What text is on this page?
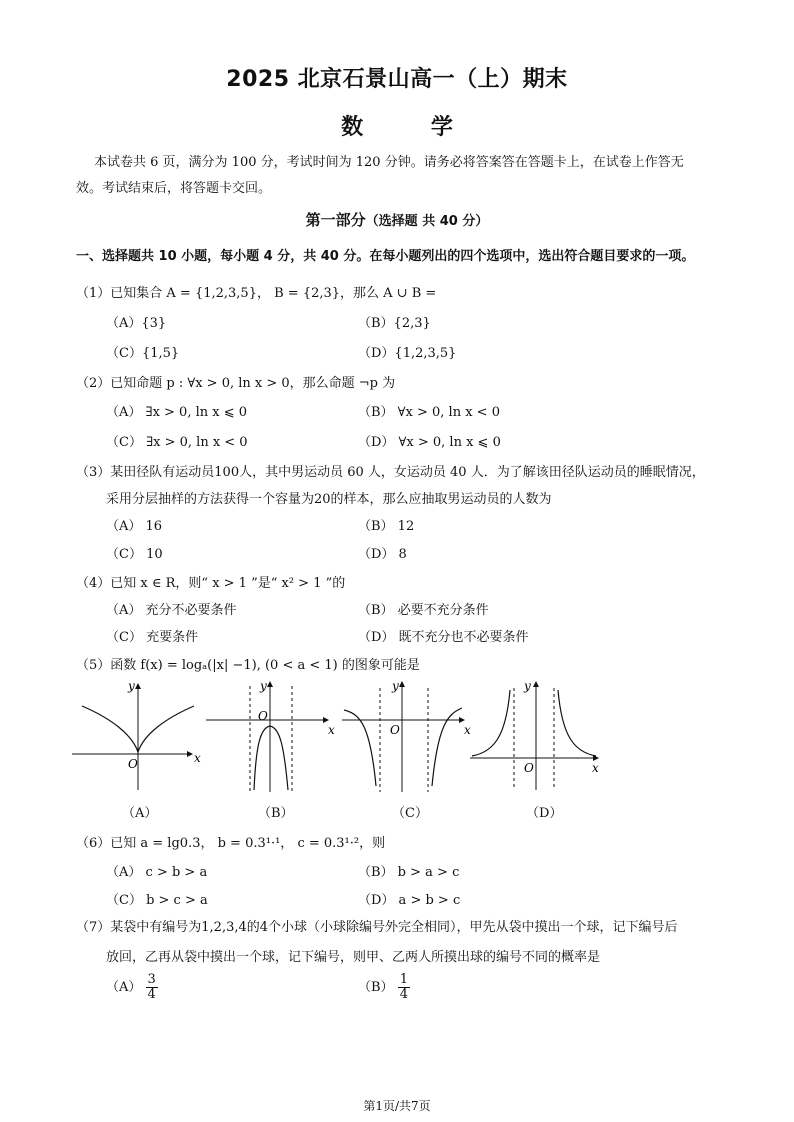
2025 北京石景山高一（上）期末
数 学
本试卷共 6 页，满分为 100 分，考试时间为 120 分钟。请务必将答案答在答题卡上，在试卷上作答无
效。考试结束后，将答题卡交回。
第一部分（选择题 共 40 分）
一、选择题共 10 小题，每小题 4 分，共 40 分。在每小题列出的四个选项中，选出符合题目要求的一项。
（1）已知集合 A = {1,2,3,5}， B = {2,3}，那么 A ∪ B =
（A）{3}	（B）{2,3}
（C）{1,5}	（D）{1,2,3,5}
（2）已知命题 p : ∀x > 0, ln x > 0，那么命题 ¬p 为
（A） ∃x > 0, ln x ⩽ 0	（B） ∀x > 0, ln x < 0
（C） ∃x > 0, ln x < 0	（D） ∀x > 0, ln x ⩽ 0
（3）某田径队有运动员100人，其中男运动员 60 人，女运动员 40 人．为了解该田径队运动员的睡眠情况，
采用分层抽样的方法获得一个容量为20的样本，那么应抽取男运动员的人数为
（A） 16	（B） 12
（C） 10	（D） 8
（4）已知 x ∈ R，则“ x > 1 ”是“ x² > 1 ”的
（A） 充分不必要条件	（B） 必要不充分条件
（C） 充要条件	（D） 既不充分也不必要条件
（5）函数 f(x) = logₐ(|x| −1), (0 < a < 1) 的图象可能是
O	x
y
（A）
O
x
y
（B）
O	x
y
（C）
O	x
y
（D）
（6）已知 a = lg0.3， b = 0.3¹·¹， c = 0.3¹·²，则
（A） c > b > a	（B） b > a > c
（C） b > c > a	（D） a > b > c
（7）某袋中有编号为1,2,3,4的4个小球（小球除编号外完全相同），甲先从袋中摸出一个球，记下编号后
放回，乙再从袋中摸出一个球，记下编号，则甲、乙两人所摸出球的编号不同的概率是
$(A) \frac{3}{4}$	$(B) \frac{1}{4}$
第1页/共7页
